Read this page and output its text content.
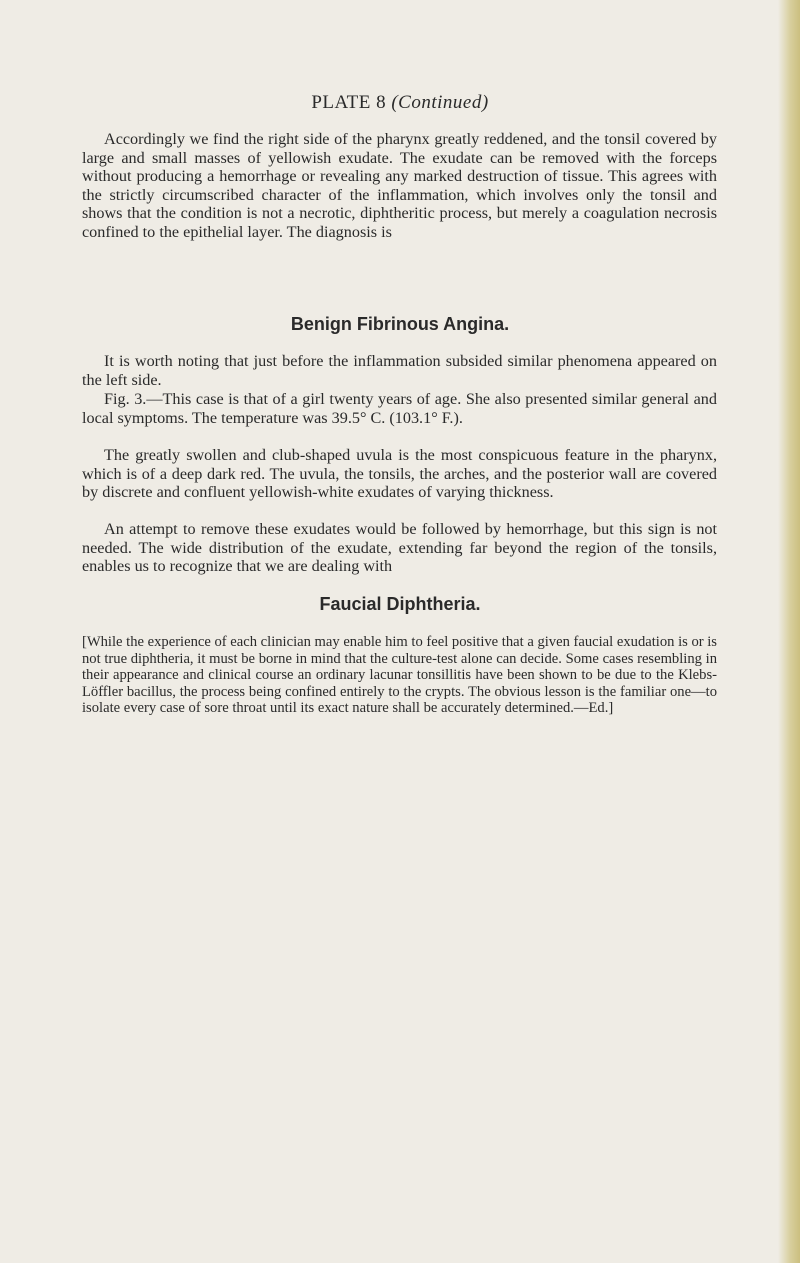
PLATE 8 (Continued)

Accordingly we find the right side of the pharynx greatly reddened, and the tonsil covered by large and small masses of yellowish exudate. The exudate can be removed with the forceps without producing a hemorrhage or revealing any marked destruction of tissue. This agrees with the strictly circumscribed character of the inflammation, which involves only the tonsil and shows that the condition is not a necrotic, diphtheritic process, but merely a coagulation necrosis confined to the epithelial layer. The diagnosis is

Benign Fibrinous Angina.

It is worth noting that just before the inflammation subsided similar phenomena appeared on the left side.

Fig. 3.—This case is that of a girl twenty years of age. She also presented similar general and local symptoms. The temperature was 39.5° C. (103.1° F.).

The greatly swollen and club-shaped uvula is the most conspicuous feature in the pharynx, which is of a deep dark red. The uvula, the tonsils, the arches, and the posterior wall are covered by discrete and confluent yellowish-white exudates of varying thickness.

An attempt to remove these exudates would be followed by hemorrhage, but this sign is not needed. The wide distribution of the exudate, extending far beyond the region of the tonsils, enables us to recognize that we are dealing with

Faucial Diphtheria.

[While the experience of each clinician may enable him to feel positive that a given faucial exudation is or is not true diphtheria, it must be borne in mind that the culture-test alone can decide. Some cases resembling in their appearance and clinical course an ordinary lacunar tonsillitis have been shown to be due to the Klebs-Löffler bacillus, the process being confined entirely to the crypts. The obvious lesson is the familiar one—to isolate every case of sore throat until its exact nature shall be accurately determined.—Ed.]
